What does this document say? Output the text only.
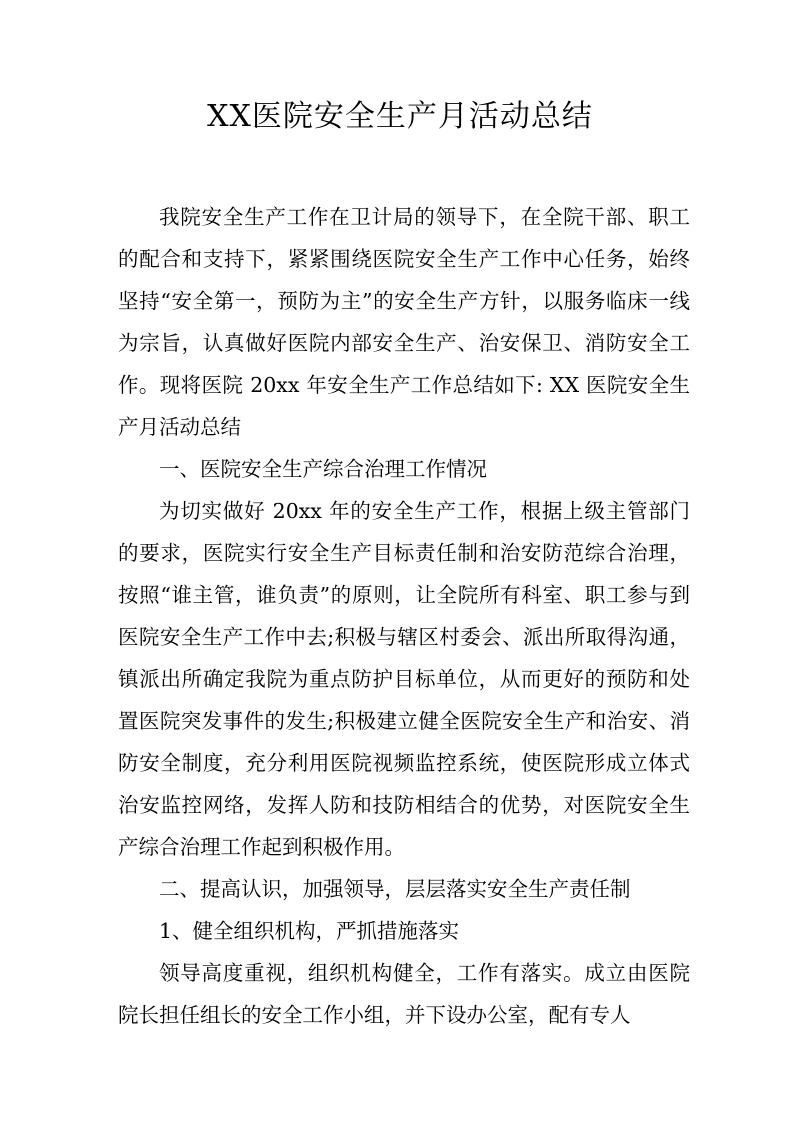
XX医院安全生产月活动总结

我院安全生产工作在卫计局的领导下，在全院干部、职工的配合和支持下，紧紧围绕医院安全生产工作中心任务，始终坚持“安全第一，预防为主”的安全生产方针，以服务临床一线为宗旨，认真做好医院内部安全生产、治安保卫、消防安全工作。现将医院 20xx 年安全生产工作总结如下: XX 医院安全生产月活动总结

一、医院安全生产综合治理工作情况

为切实做好 20xx 年的安全生产工作，根据上级主管部门的要求，医院实行安全生产目标责任制和治安防范综合治理，按照“谁主管，谁负责”的原则，让全院所有科室、职工参与到医院安全生产工作中去;积极与辖区村委会、派出所取得沟通，镇派出所确定我院为重点防护目标单位，从而更好的预防和处置医院突发事件的发生;积极建立健全医院安全生产和治安、消防安全制度，充分利用医院视频监控系统，使医院形成立体式治安监控网络，发挥人防和技防相结合的优势，对医院安全生产综合治理工作起到积极作用。

二、提高认识，加强领导，层层落实安全生产责任制

1、健全组织机构，严抓措施落实

领导高度重视，组织机构健全，工作有落实。成立由医院院长担任组长的安全工作小组，并下设办公室，配有专人
